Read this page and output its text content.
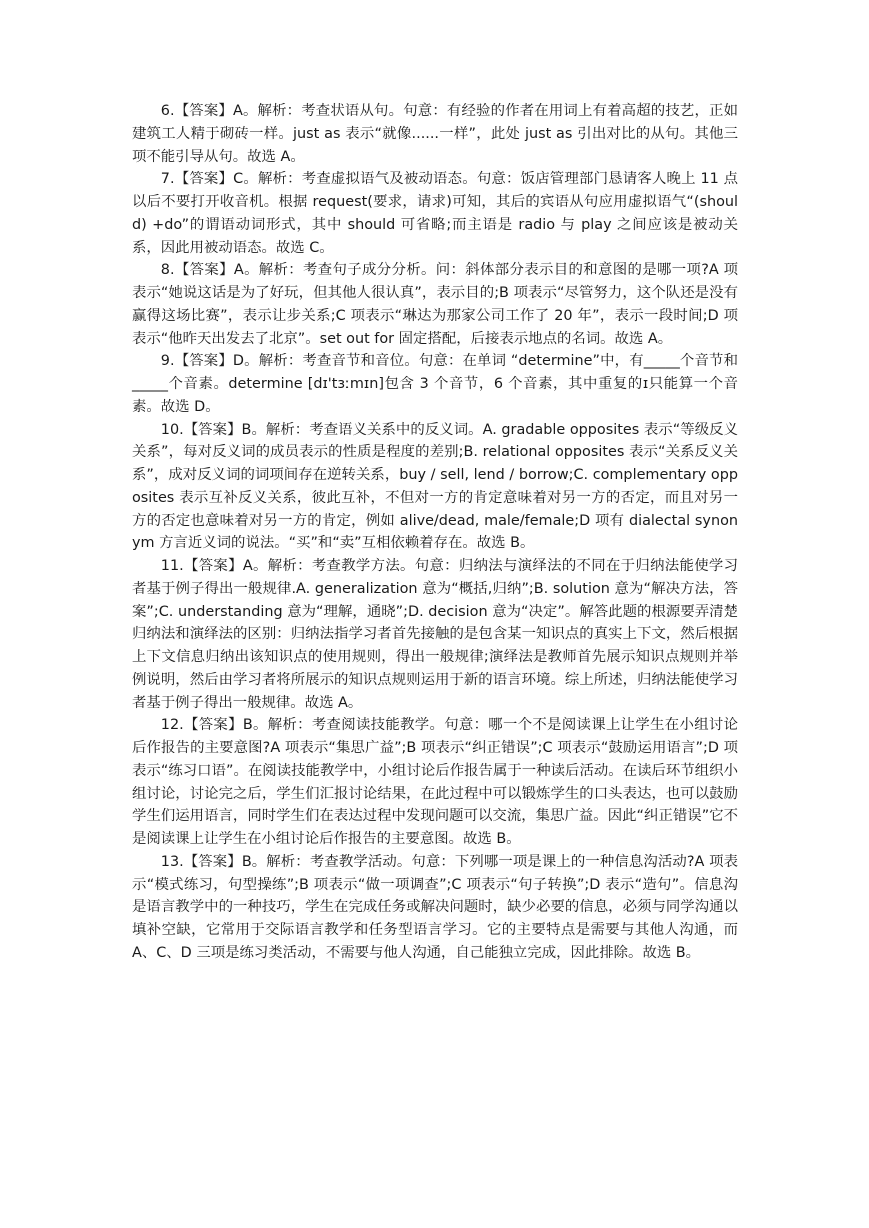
6.【答案】A。解析：考查状语从句。句意：有经验的作者在用词上有着高超的技艺，正如建筑工人精于砌砖一样。just as 表示“就像......一样”，此处 just as 引出对比的从句。其他三项不能引导从句。故选 A。

7.【答案】C。解析：考查虚拟语气及被动语态。句意：饭店管理部门恳请客人晚上 11 点以后不要打开收音机。根据 request(要求，请求)可知，其后的宾语从句应用虚拟语气“(should) +do”的谓语动词形式，其中 should 可省略;而主语是 radio 与 play 之间应该是被动关系，因此用被动语态。故选 C。

8.【答案】A。解析：考查句子成分分析。问：斜体部分表示目的和意图的是哪一项?A 项表示“她说这话是为了好玩，但其他人很认真”，表示目的;B 项表示“尽管努力，这个队还是没有赢得这场比赛”，表示让步关系;C 项表示“琳达为那家公司工作了 20 年”，表示一段时间;D 项表示“他昨天出发去了北京”。set out for 固定搭配，后接表示地点的名词。故选 A。

9.【答案】D。解析：考查音节和音位。句意：在单词 “determine”中，有_____个音节和_____个音素。determine [dɪ'tɜːmɪn]包含 3 个音节，6 个音素，其中重复的ɪ只能算一个音素。故选 D。

10.【答案】B。解析：考查语义关系中的反义词。A. gradable opposites 表示“等级反义关系”，每对反义词的成员表示的性质是程度的差别;B. relational opposites 表示“关系反义关系”，成对反义词的词项间存在逆转关系，buy / sell, lend / borrow;C. complementary opposites 表示互补反义关系，彼此互补，不但对一方的肯定意味着对另一方的否定，而且对另一方的否定也意味着对另一方的肯定，例如 alive/dead, male/female;D 项有 dialectal synonym 方言近义词的说法。“买”和“卖”互相依赖着存在。故选 B。

11.【答案】A。解析：考查教学方法。句意：归纳法与演绎法的不同在于归纳法能使学习者基于例子得出一般规律.A. generalization 意为“概括,归纳”;B. solution 意为“解决方法，答案”;C. understanding 意为“理解，通晓”;D. decision 意为“决定”。解答此题的根源要弄清楚归纳法和演绎法的区别：归纳法指学习者首先接触的是包含某一知识点的真实上下文，然后根据上下文信息归纳出该知识点的使用规则，得出一般规律;演绎法是教师首先展示知识点规则并举例说明，然后由学习者将所展示的知识点规则运用于新的语言环境。综上所述，归纳法能使学习者基于例子得出一般规律。故选 A。

12.【答案】B。解析：考查阅读技能教学。句意：哪一个不是阅读课上让学生在小组讨论后作报告的主要意图?A 项表示“集思广益”;B 项表示“纠正错误”;C 项表示“鼓励运用语言”;D 项表示“练习口语”。在阅读技能教学中，小组讨论后作报告属于一种读后活动。在读后环节组织小组讨论，讨论完之后，学生们汇报讨论结果，在此过程中可以锻炼学生的口头表达，也可以鼓励学生们运用语言，同时学生们在表达过程中发现问题可以交流，集思广益。因此“纠正错误”它不是阅读课上让学生在小组讨论后作报告的主要意图。故选 B。

13.【答案】B。解析：考查教学活动。句意：下列哪一项是课上的一种信息沟活动?A 项表示“模式练习，句型操练”;B 项表示“做一项调查”;C 项表示“句子转换”;D 表示“造句”。信息沟是语言教学中的一种技巧，学生在完成任务或解决问题时，缺少必要的信息，必须与同学沟通以填补空缺，它常用于交际语言教学和任务型语言学习。它的主要特点是需要与其他人沟通，而 A、C、D 三项是练习类活动，不需要与他人沟通，自己能独立完成，因此排除。故选 B。
